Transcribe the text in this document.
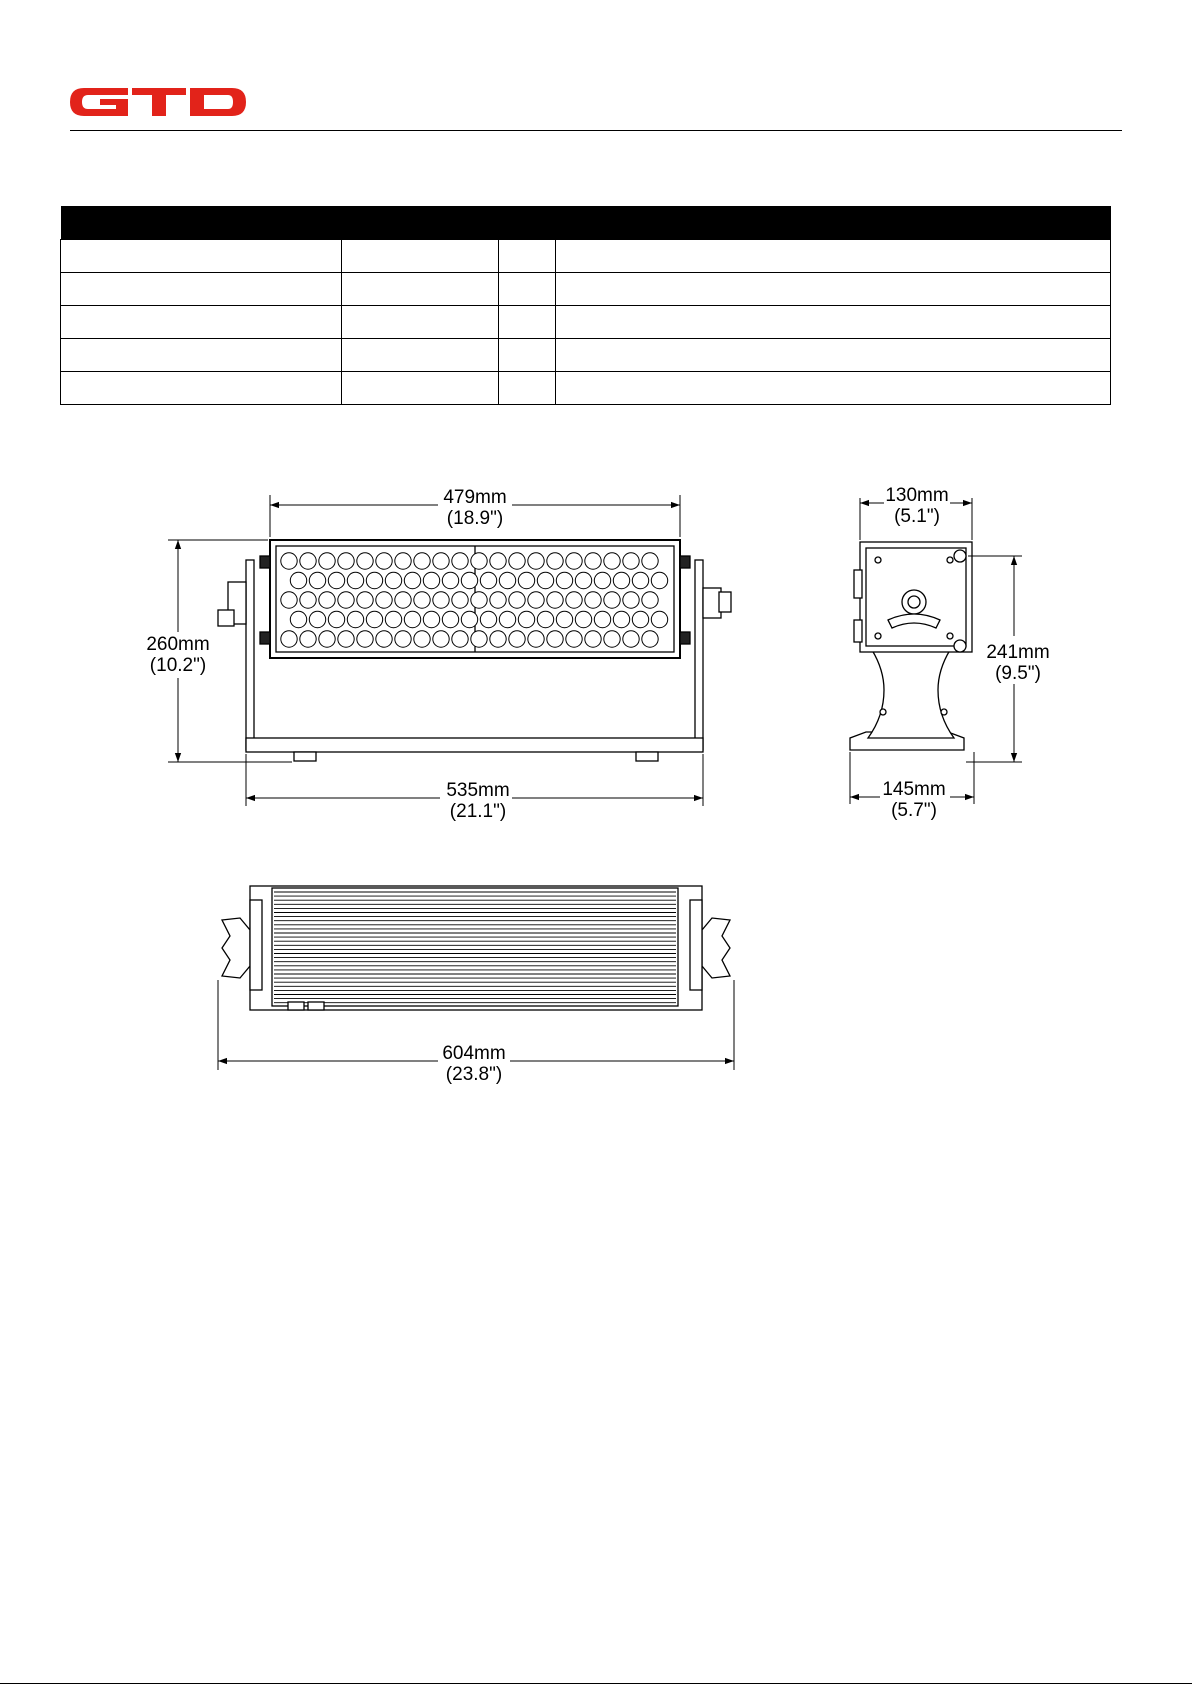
479mm
(18.9")
260mm
(10.2")
535mm
(21.1")
130mm
(5.1")
241mm
(9.5")
145mm
(5.7")
604mm
(23.8")
